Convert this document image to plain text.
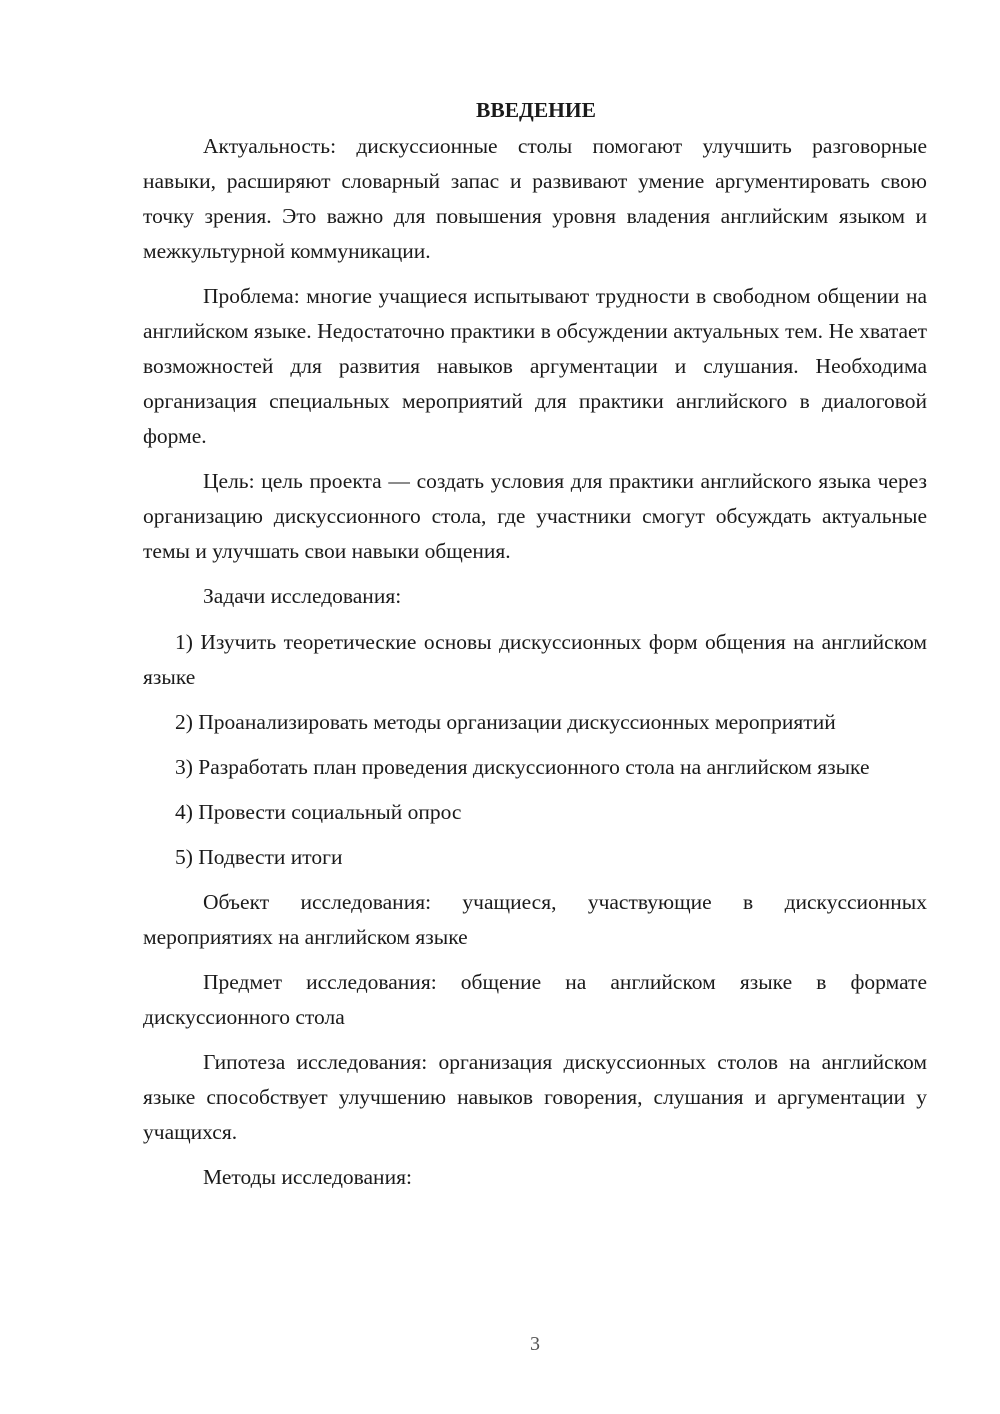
ВВЕДЕНИЕ

Актуальность: дискуссионные столы помогают улучшить разговорные навыки, расширяют словарный запас и развивают умение аргументировать свою точку зрения. Это важно для повышения уровня владения английским языком и межкультурной коммуникации.

Проблема: многие учащиеся испытывают трудности в свободном общении на английском языке. Недостаточно практики в обсуждении актуальных тем. Не хватает возможностей для развития навыков аргументации и слушания. Необходима организация специальных мероприятий для практики английского в диалоговой форме.

Цель: цель проекта — создать условия для практики английского языка через организацию дискуссионного стола, где участники смогут обсуждать актуальные темы и улучшать свои навыки общения.

Задачи исследования:

1) Изучить теоретические основы дискуссионных форм общения на английском языке

2) Проанализировать методы организации дискуссионных мероприятий

3) Разработать план проведения дискуссионного стола на английском языке

4) Провести социальный опрос

5) Подвести итоги

Объект исследования: учащиеся, участвующие в дискуссионных мероприятиях на английском языке

Предмет исследования: общение на английском языке в формате дискуссионного стола

Гипотеза исследования: организация дискуссионных столов на английском языке способствует улучшению навыков говорения, слушания и аргументации у учащихся.

Методы исследования:

3
